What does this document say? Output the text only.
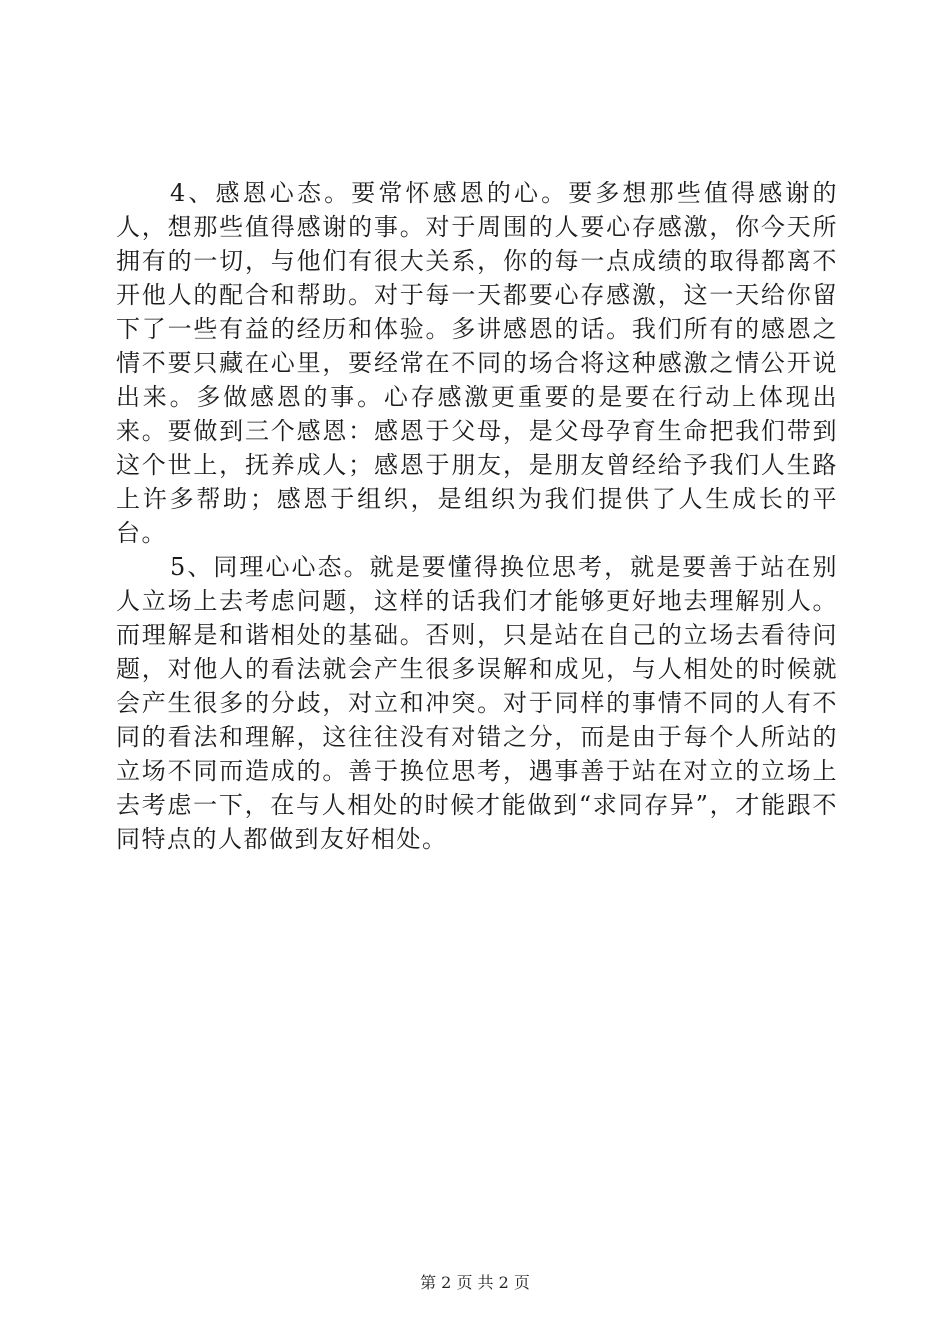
4、感恩心态。要常怀感恩的心。要多想那些值得感谢的人，想那些值得感谢的事。对于周围的人要心存感激，你今天所拥有的一切，与他们有很大关系，你的每一点成绩的取得都离不开他人的配合和帮助。对于每一天都要心存感激，这一天给你留下了一些有益的经历和体验。多讲感恩的话。我们所有的感恩之情不要只藏在心里，要经常在不同的场合将这种感激之情公开说出来。多做感恩的事。心存感激更重要的是要在行动上体现出来。要做到三个感恩：感恩于父母，是父母孕育生命把我们带到这个世上，抚养成人；感恩于朋友，是朋友曾经给予我们人生路上许多帮助；感恩于组织，是组织为我们提供了人生成长的平台。

5、同理心心态。就是要懂得换位思考，就是要善于站在别人立场上去考虑问题，这样的话我们才能够更好地去理解别人。而理解是和谐相处的基础。否则，只是站在自己的立场去看待问题，对他人的看法就会产生很多误解和成见，与人相处的时候就会产生很多的分歧，对立和冲突。对于同样的事情不同的人有不同的看法和理解，这往往没有对错之分，而是由于每个人所站的立场不同而造成的。善于换位思考，遇事善于站在对立的立场上去考虑一下，在与人相处的时候才能做到“求同存异”，才能跟不同特点的人都做到友好相处。

第 2 页 共 2 页
